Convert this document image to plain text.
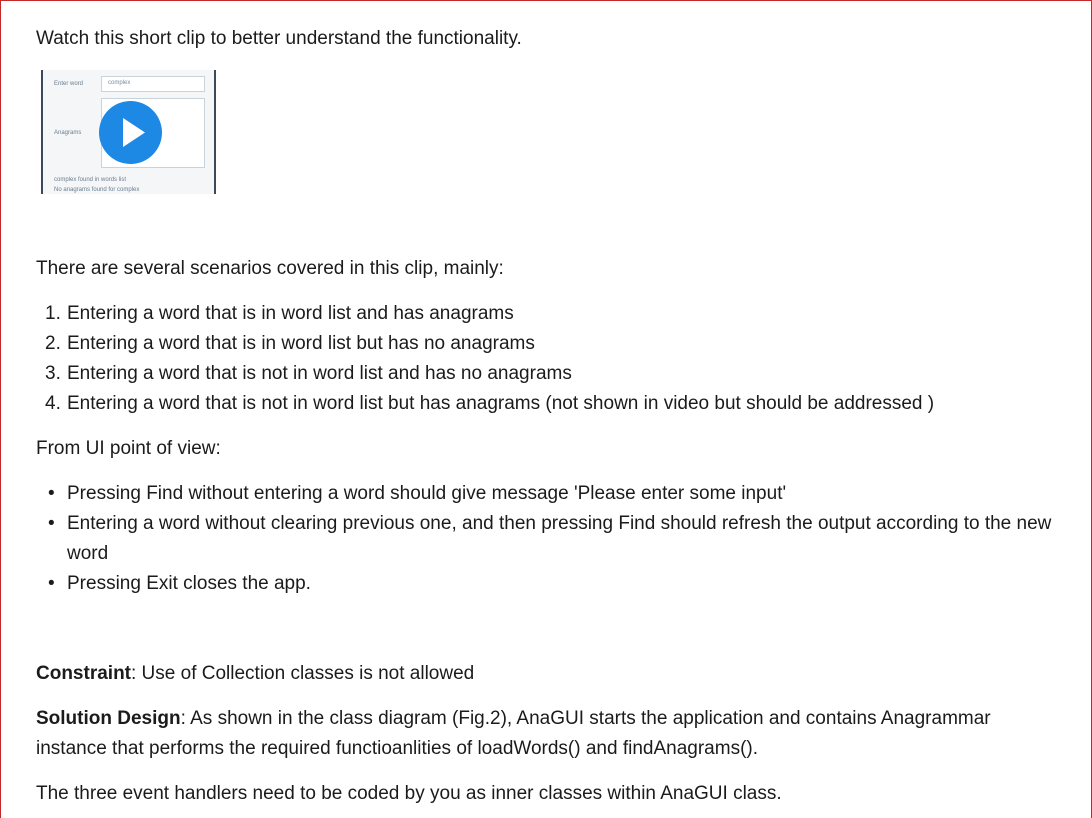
Watch this short clip to better understand the functionality.

Enter word	complex
Anagrams
complex found in words list
No anagrams found for complex

There are several scenarios covered in this clip, mainly:

1. Entering a word that is in word list and has anagrams
2. Entering a word that is in word list but has no anagrams
3. Entering a word that is not in word list and has no anagrams
4. Entering a word that is not in word list but has anagrams (not shown in video but should be addressed )

From UI point of view:

• Pressing Find without entering a word should give message 'Please enter some input'
• Entering a word without clearing previous one, and then pressing Find should refresh the output according to the new word
• Pressing Exit closes the app.

Constraint: Use of Collection classes is not allowed

Solution Design: As shown in the class diagram (Fig.2), AnaGUI starts the application and contains Anagrammar instance that performs the required functioanlities of loadWords() and findAnagrams().

The three event handlers need to be coded by you as inner classes within AnaGUI class.
